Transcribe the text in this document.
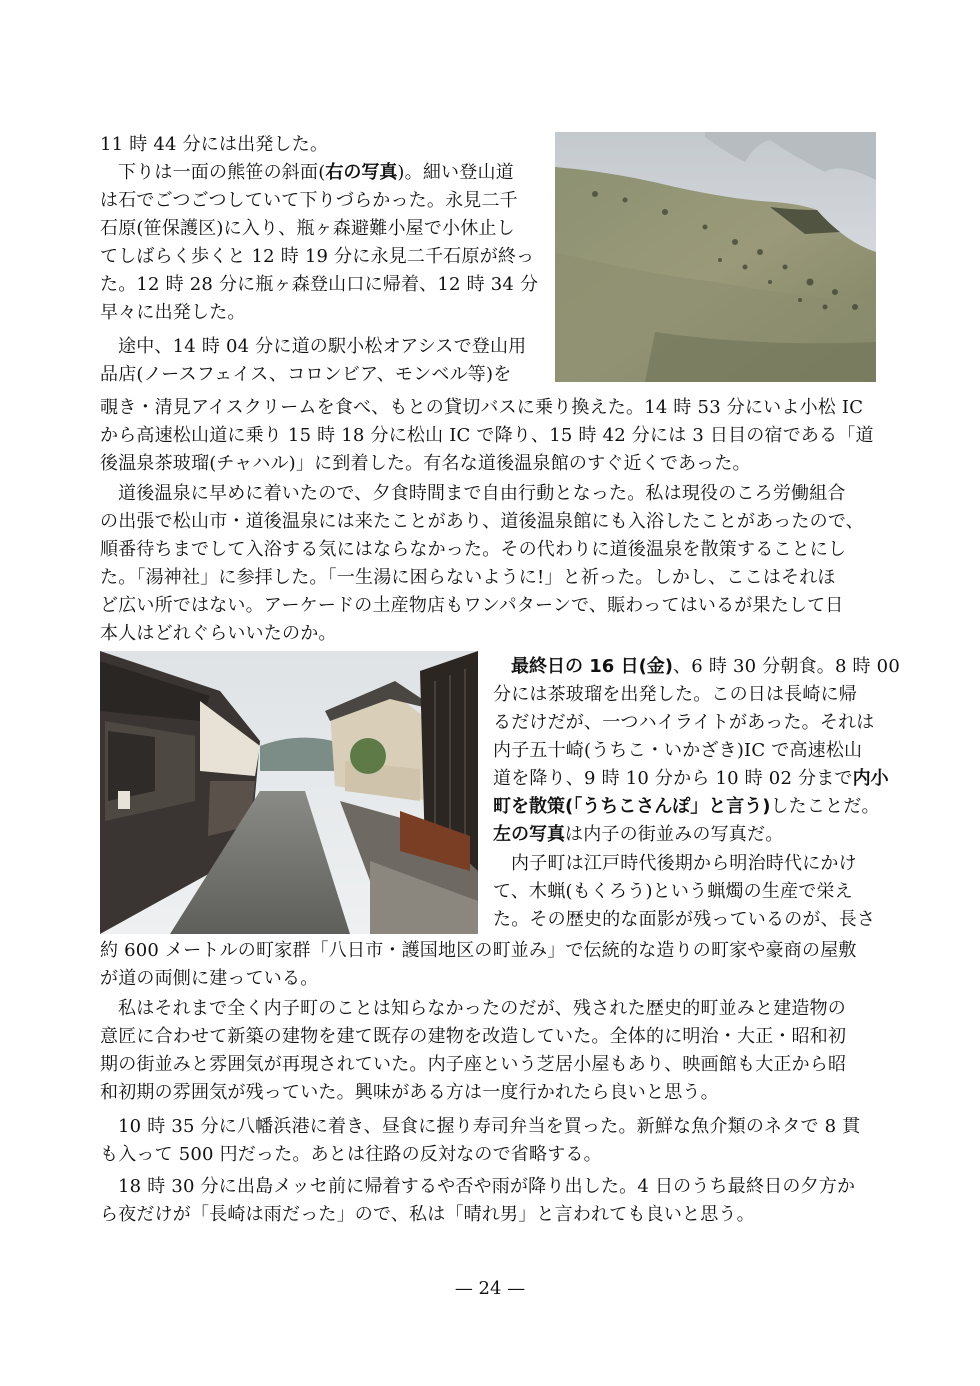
11 時 44 分には出発した。
下りは一面の熊笹の斜面(右の写真)。細い登山道
は石でごつごつしていて下りづらかった。永見二千
石原(笹保護区)に入り、瓶ヶ森避難小屋で小休止し
てしばらく歩くと 12 時 19 分に永見二千石原が終っ
た。12 時 28 分に瓶ヶ森登山口に帰着、12 時 34 分
早々に出発した。
途中、14 時 04 分に道の駅小松オアシスで登山用
品店(ノースフェイス、コロンビア、モンベル等)を
覗き・清見アイスクリームを食べ、もとの貸切バスに乗り換えた。14 時 53 分にいよ小松 IC
から高速松山道に乗り 15 時 18 分に松山 IC で降り、15 時 42 分には 3 日目の宿である「道
後温泉茶玻瑠(チャハル)」に到着した。有名な道後温泉館のすぐ近くであった。
道後温泉に早めに着いたので、夕食時間まで自由行動となった。私は現役のころ労働組合
の出張で松山市・道後温泉には来たことがあり、道後温泉館にも入浴したことがあったので、
順番待ちまでして入浴する気にはならなかった。その代わりに道後温泉を散策することにし
た。「湯神社」に参拝した。「一生湯に困らないように!」と祈った。しかし、ここはそれほ
ど広い所ではない。アーケードの土産物店もワンパターンで、賑わってはいるが果たして日
本人はどれぐらいいたのか。
最終日の 16 日(金)、6 時 30 分朝食。8 時 00
分には茶玻瑠を出発した。この日は長崎に帰
るだけだが、一つハイライトがあった。それは
内子五十崎(うちこ・いかざき)IC で高速松山
道を降り、9 時 10 分から 10 時 02 分まで内小
町を散策(「うちこさんぽ」と言う)したことだ。
左の写真は内子の街並みの写真だ。
内子町は江戸時代後期から明治時代にかけ
て、木蝋(もくろう)という蝋燭の生産で栄え
た。その歴史的な面影が残っているのが、長さ
約 600 メートルの町家群「八日市・護国地区の町並み」で伝統的な造りの町家や豪商の屋敷
が道の両側に建っている。
私はそれまで全く内子町のことは知らなかったのだが、残された歴史的町並みと建造物の
意匠に合わせて新築の建物を建て既存の建物を改造していた。全体的に明治・大正・昭和初
期の街並みと雰囲気が再現されていた。内子座という芝居小屋もあり、映画館も大正から昭
和初期の雰囲気が残っていた。興味がある方は一度行かれたら良いと思う。
10 時 35 分に八幡浜港に着き、昼食に握り寿司弁当を買った。新鮮な魚介類のネタで 8 貫
も入って 500 円だった。あとは往路の反対なので省略する。
18 時 30 分に出島メッセ前に帰着するや否や雨が降り出した。4 日のうち最終日の夕方か
ら夜だけが「長崎は雨だった」ので、私は「晴れ男」と言われても良いと思う。
— 24 —
